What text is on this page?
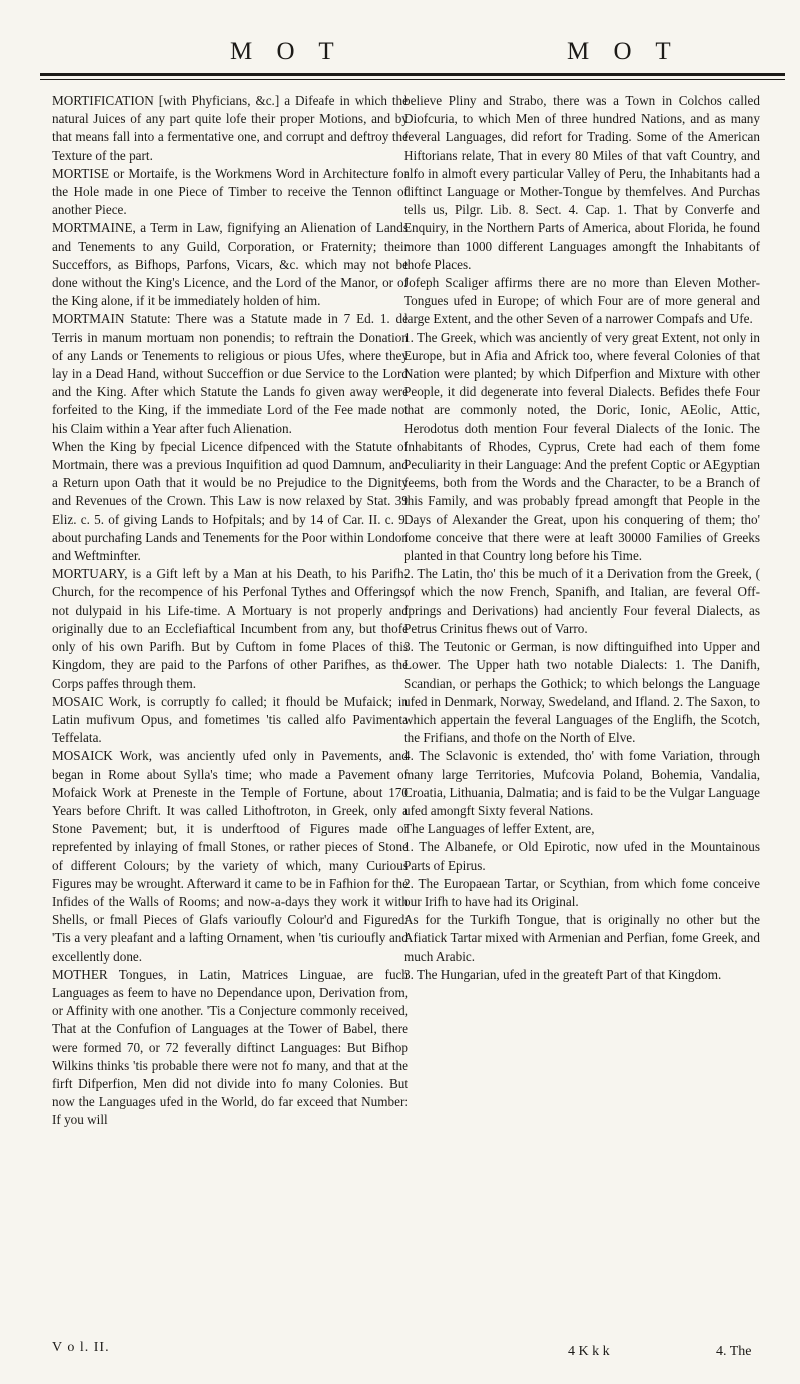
M O T	M O T

MORTIFICATION [with Phyficians, &c.] a Difeafe in which the natural Juices of any part quite lofe their proper Motions, and by that means fall into a fermentative one, and corrupt and deftroy the Texture of the part.

MORTISE or Mortaife, is the Workmens Word in Architecture for the Hole made in one Piece of Timber to receive the Tennon of another Piece.

MORTMAINE, a Term in Law, fignifying an Alienation of Lands and Tenements to any Guild, Corporation, or Fraternity; their Succeffors, as Bifhops, Parfons, Vicars, &c. which may not be done without the King's Licence, and the Lord of the Manor, or of the King alone, if it be immediately holden of him.

MORTMAIN Statute: There was a Statute made in 7 Ed. 1. de Terris in manum mortuam non ponendis; to reftrain the Donation of any Lands or Tenements to religious or pious Ufes, where they lay in a Dead Hand, without Succeffion or due Service to the Lord and the King. After which Statute the Lands fo given away were forfeited to the King, if the immediate Lord of the Fee made not his Claim within a Year after fuch Alienation.

When the King by fpecial Licence difpenced with the Statute of Mortmain, there was a previous Inquifition ad quod Damnum, and a Return upon Oath that it would be no Prejudice to the Dignity and Revenues of the Crown. This Law is now relaxed by Stat. 39 Eliz. c. 5. of giving Lands to Hofpitals; and by 14 of Car. II. c. 9. about purchafing Lands and Tenements for the Poor within London and Weftminfter.

MORTUARY, is a Gift left by a Man at his Death, to his Parifh-Church, for the recompence of his Perfonal Tythes and Offerings, not dulypaid in his Life-time. A Mortuary is not properly and originally due to an Ecclefiaftical Incumbent from any, but thofe only of his own Parifh. But by Cuftom in fome Places of this Kingdom, they are paid to the Parfons of other Parifhes, as the Corps paffes through them.

MOSAIC Work, is corruptly fo called; it fhould be Mufaick; in Latin mufivum Opus, and fometimes 'tis called alfo Pavimenta Teffelata.

MOSAICK Work, was anciently ufed only in Pavements, and began in Rome about Sylla's time; who made a Pavement of Mofaick Work at Preneste in the Temple of Fortune, about 170 Years before Chrift. It was called Lithoftroton, in Greek, only a Stone Pavement; but, it is underftood of Figures made or reprefented by inlaying of fmall Stones, or rather pieces of Stone of different Colours; by the variety of which, many Curious Figures may be wrought. Afterward it came to be in Fafhion for the Infides of the Walls of Rooms; and now-a-days they work it with Shells, or fmall Pieces of Glafs varioufly Colour'd and Figured: 'Tis a very pleafant and a lafting Ornament, when 'tis curioufly and excellently done.

MOTHER Tongues, in Latin, Matrices Linguae, are fuch Languages as feem to have no Dependance upon, Derivation from, or Affinity with one another. 'Tis a Conjecture commonly received, That at the Confufion of Languages at the Tower of Babel, there were formed 70, or 72 feverally diftinct Languages: But Bifhop Wilkins thinks 'tis probable there were not fo many, and that at the firft Difperfion, Men did not divide into fo many Colonies. But now the Languages ufed in the World, do far exceed that Number: If you will

believe Pliny and Strabo, there was a Town in Colchos called Diofcuria, to which Men of three hundred Nations, and as many feveral Languages, did refort for Trading. Some of the American Hiftorians relate, That in every 80 Miles of that vaft Country, and alfo in almoft every particular Valley of Peru, the Inhabitants had a diftinct Language or Mother-Tongue by themfelves. And Purchas tells us, Pilgr. Lib. 8. Sect. 4. Cap. 1. That by Converfe and Enquiry, in the Northern Parts of America, about Florida, he found more than 1000 different Languages amongft the Inhabitants of thofe Places.

Jofeph Scaliger affirms there are no more than Eleven Mother-Tongues ufed in Europe; of which Four are of more general and large Extent, and the other Seven of a narrower Compafs and Ufe.

1. The Greek, which was anciently of very great Extent, not only in Europe, but in Afia and Africk too, where feveral Colonies of that Nation were planted; by which Difperfion and Mixture with other People, it did degenerate into feveral Dialects. Befides thefe Four that are commonly noted, the Doric, Ionic, AEolic, Attic, Herodotus doth mention Four feveral Dialects of the Ionic. The Inhabitants of Rhodes, Cyprus, Crete had each of them fome Peculiarity in their Language: And the prefent Coptic or AEgyptian feems, both from the Words and the Character, to be a Branch of this Family, and was probably fpread amongft that People in the Days of Alexander the Great, upon his conquering of them; tho' fome conceive that there were at leaft 30000 Families of Greeks planted in that Country long before his Time.

2. The Latin, tho' this be much of it a Derivation from the Greek, ( of which the now French, Spanifh, and Italian, are feveral Off-fprings and Derivations) had anciently Four feveral Dialects, as Petrus Crinitus fhews out of Varro.

3. The Teutonic or German, is now diftinguifhed into Upper and Lower. The Upper hath two notable Dialects: 1. The Danifh, Scandian, or perhaps the Gothick; to which belongs the Language ufed in Denmark, Norway, Swedeland, and Ifland. 2. The Saxon, to which appertain the feveral Languages of the Englifh, the Scotch, the Frifians, and thofe on the North of Elve.

4. The Sclavonic is extended, tho' with fome Variation, through many large Territories, Mufcovia Poland, Bohemia, Vandalia, Croatia, Lithuania, Dalmatia; and is faid to be the Vulgar Language ufed amongft Sixty feveral Nations.

The Languages of leffer Extent, are,

1. The Albanefe, or Old Epirotic, now ufed in the Mountainous Parts of Epirus.

2. The Europaean Tartar, or Scythian, from which fome conceive our Irifh to have had its Original.

As for the Turkifh Tongue, that is originally no other but the Afiatick Tartar mixed with Armenian and Perfian, fome Greek, and much Arabic.

3. The Hungarian, ufed in the greateft Part of that Kingdom.

V o l. II.	4 K k k	4. The
